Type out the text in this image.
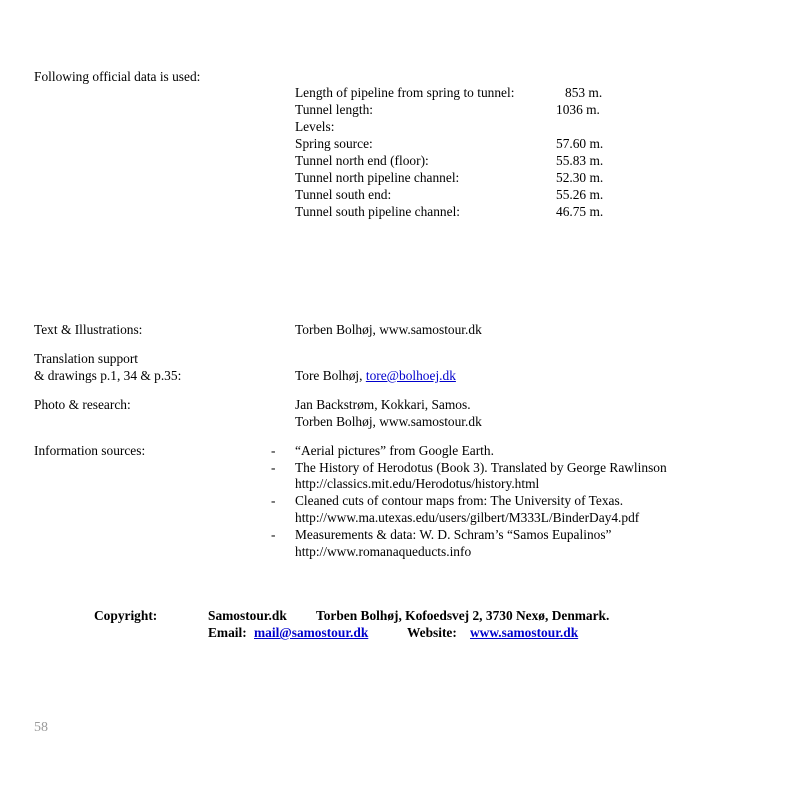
Following official data is used:
Length of pipeline from spring to tunnel:	853 m.
Tunnel length:	1036 m.
Levels:
Spring source:	57.60 m.
Tunnel north end (floor):	55.83 m.
Tunnel north pipeline channel:	52.30 m.
Tunnel south end:	55.26 m.
Tunnel south pipeline channel:	46.75 m.
Text & Illustrations:	Torben Bolhøj, www.samostour.dk
Translation support
& drawings p.1, 34 & p.35:	Tore Bolhøj, tore@bolhoej.dk
Photo & research:	Jan Backstrøm, Kokkari, Samos.
Torben Bolhøj, www.samostour.dk
Information sources:	- “Aerial pictures” from Google Earth.
- The History of Herodotus (Book 3). Translated by George Rawlinson
http://classics.mit.edu/Herodotus/history.html
- Cleaned cuts of contour maps from: The University of Texas.
http://www.ma.utexas.edu/users/gilbert/M333L/BinderDay4.pdf
- Measurements & data: W. D. Schram’s “Samos Eupalinos”
http://www.romanaqueducts.info
Copyright:	Samostour.dk Torben Bolhøj, Kofoedsvej 2, 3730 Nexø, Denmark.
Email: mail@samostour.dk	Website: www.samostour.dk
58
